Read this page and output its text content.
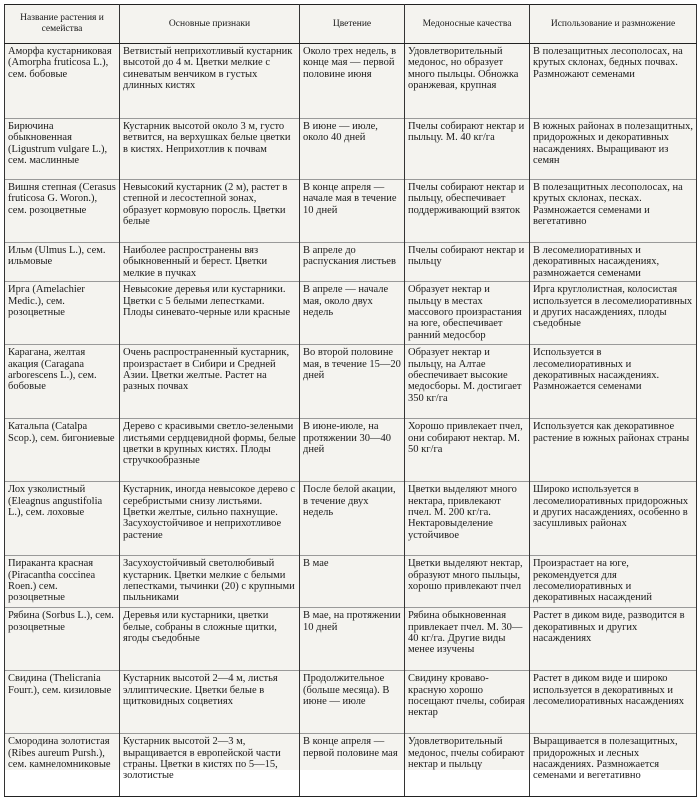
Название растения и семейства	Основные признаки	Цветение	Медоносные качества	Использование и размножение
Аморфа кустарниковая (Amorpha fruticosa L.), сем. бобовые	Ветвистый неприхотливый кустарник высотой до 4 м. Цветки мелкие с синеватым венчиком в густых длинных кистях	Около трех недель, в конце мая — первой половине июня	Удовлетворительный медонос, но образует много пыльцы. Обножка оранжевая, крупная	В полезащитных лесополосах, на крутых склонах, бедных почвах. Размножают семенами
Бирючина обыкновенная (Ligustrum vulgare L.), сем. маслинные	Кустарник высотой около 3 м, густо ветвится, на верхушках белые цветки в кистях. Неприхотлив к почвам	В июне — июле, около 40 дней	Пчелы собирают нектар и пыльцу. М. 40 кг/га	В южных районах в полезащитных, придорожных и декоративных насаждениях. Выращивают из семян
Вишня степная (Cerasus fruticosa G. Woron.), сем. розоцветные	Невысокий кустарник (2 м), растет в степной и лесостепной зонах, образует кормовую поросль. Цветки белые	В конце апреля — начале мая в течение 10 дней	Пчелы собирают нектар и пыльцу, обеспечивает поддерживающий взяток	В полезащитных лесополосах, на крутых склонах, песках. Размножается семенами и вегетативно
Ильм (Ulmus L.), сем. ильмовые	Наиболее распространены вяз обыкновенный и берест. Цветки мелкие в пучках	В апреле до распускания листьев	Пчелы собирают нектар и пыльцу	В лесомелиоративных и декоративных насаждениях, размножается семенами
Ирга (Amelachier Medic.), сем. розоцветные	Невысокие деревья или кустарники. Цветки с 5 белыми лепестками. Плоды синевато-черные или красные	В апреле — начале мая, около двух недель	Образует нектар и пыльцу в местах массового произрастания на юге, обеспечивает ранний медосбор	Ирга круглолистная, колосистая используется в лесомелиоративных и других насаждениях, плоды съедобные
Карагана, желтая акация (Caragana arborescens L.), сем. бобовые	Очень распространенный кустарник, произрастает в Сибири и Средней Азии. Цветки желтые. Растет на разных почвах	Во второй половине мая, в течение 15—20 дней	Образует нектар и пыльцу, на Алтае обеспечивает высокие медосборы. М. достигает 350 кг/га	Используется в лесомелиоративных и декоративных насаждениях. Размножается семенами
Катальпа (Catalpa Scop.), сем. бигониевые	Дерево с красивыми светло-зелеными листьями сердцевидной формы, белые цветки в крупных кистях. Плоды стручкообразные	В июне-июле, на протяжении 30—40 дней	Хорошо привлекает пчел, они собирают нектар. М. 50 кг/га	Используется как декоративное растение в южных районах страны
Лох узколистный (Eleagnus angustifolia L.), сем. лоховые	Кустарник, иногда невысокое дерево с серебристыми снизу листьями. Цветки желтые, сильно пахнущие. Засухоустойчивое и неприхотливое растение	После белой акации, в течение двух недель	Цветки выделяют много нектара, привлекают пчел. М. 200 кг/га. Нектаровыделение устойчивое	Широко используется в лесомелиоративных придорожных и других насаждениях, особенно в засушливых районах
Пираканта красная (Piracantha coccinea Roen.) сем. розоцветные	Засухоустойчивый светолюбивый кустарник. Цветки мелкие с белыми лепестками, тычинки (20) с крупными пыльниками	В мае	Цветки выделяют нектар, образуют много пыльцы, хорошо привлекают пчел	Произрастает на юге, рекомендуется для лесомелиоративных и декоративных насаждений
Рябина (Sorbus L.), сем. розоцветные	Деревья или кустарники, цветки белые, собраны в сложные щитки, ягоды съедобные	В мае, на протяжении 10 дней	Рябина обыкновенная привлекает пчел. М. 30—40 кг/га. Другие виды менее изучены	Растет в диком виде, разводится в декоративных и других насаждениях
Свидина (Thelicrania Fourr.), сем. кизиловые	Кустарник высотой 2—4 м, листья эллиптические. Цветки белые в щитковидных соцветиях	Продолжительное (больше месяца). В июне — июле	Свидину кроваво-красную хорошо посещают пчелы, собирая нектар	Растет в диком виде и широко используется в декоративных и лесомелиоративных насаждениях
Смородина золотистая (Ribes aureum Pursh.), сем. камнеломниковые	Кустарник высотой 2—3 м, выращивается в европейской части страны. Цветки в кистях по 5—15, золотистые	В конце апреля — первой половине мая	Удовлетворительный медонос, пчелы собирают нектар и пыльцу	Выращивается в полезащитных, придорожных и лесных насаждениях. Размножается семенами и вегетативно
